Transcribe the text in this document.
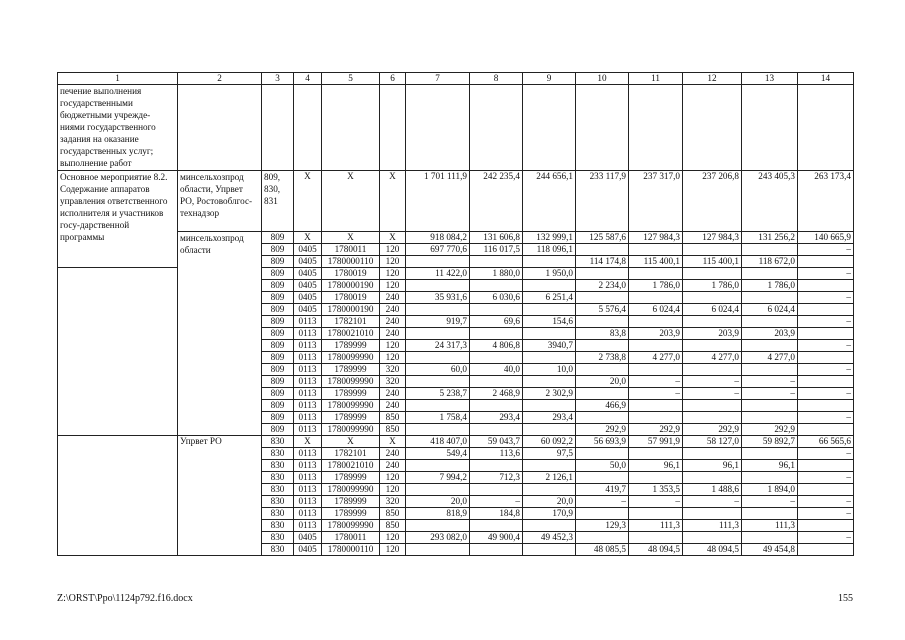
1	2	3	4	5	6	7	8	9	10	11	12	13	14
печение выполнения государственными бюджетными учрежде-ниями государственного задания на оказание государственных услуг; выполнение работ													
Основное мероприятие 8.2. Содержание аппаратов управления ответственного исполнителя и участников госу-дарственной программы	минсельхозпрод области, Упрвет РО, Ростовоблгос-технадзор	809, 830, 831	X	X	X	1 701 111,9	242 235,4	244 656,1	233 117,9	237 317,0	237 206,8	243 405,3	263 173,4
	минсельхозпрод области	809	X	X	X	918 084,2	131 606,8	132 999,1	125 587,6	127 984,3	127 984,3	131 256,2	140 665,9
		809	0405	1780011	120	697 770,6	116 017,5	118 096,1					–
		809	0405	1780000110	120				114 174,8	115 400,1	115 400,1	118 672,0	
		809	0405	1780019	120	11 422,0	1 880,0	1 950,0					–
		809	0405	1780000190	120				2 234,0	1 786,0	1 786,0	1 786,0	
		809	0405	1780019	240	35 931,6	6 030,6	6 251,4					–
		809	0405	1780000190	240				5 576,4	6 024,4	6 024,4	6 024,4	
		809	0113	1782101	240	919,7	69,6	154,6					–
		809	0113	1780021010	240				83,8	203,9	203,9	203,9	
		809	0113	1789999	120	24 317,3	4 806,8	3940,7					–
		809	0113	1780099990	120				2 738,8	4 277,0	4 277,0	4 277,0	
		809	0113	1789999	320	60,0	40,0	10,0					–
		809	0113	1780099990	320				20,0	–	–	–	
		809	0113	1789999	240	5 238,7	2 468,9	2 302,9		–	–	–	–
		809	0113	1780099990	240				466,9				
		809	0113	1789999	850	1 758,4	293,4	293,4					–
		809	0113	1780099990	850				292,9	292,9	292,9	292,9	
	Упрвет РО	830	X	X	X	418 407,0	59 043,7	60 092,2	56 693,9	57 991,9	58 127,0	59 892,7	66 565,6
		830	0113	1782101	240	549,4	113,6	97,5					–
		830	0113	1780021010	240				50,0	96,1	96,1	96,1	
		830	0113	1789999	120	7 994,2	712,3	2 126,1					–
		830	0113	1780099990	120				419,7	1 353,5	1 488,6	1 894,0	
		830	0113	1789999	320	20,0	–	20,0	–	–	–	–	–
		830	0113	1789999	850	818,9	184,8	170,9					–
		830	0113	1780099990	850				129,3	111,3	111,3	111,3	
		830	0405	1780011	120	293 082,0	49 900,4	49 452,3					–
		830	0405	1780000110	120				48 085,5	48 094,5	48 094,5	49 454,8	
Z:\ORST\Ppo\1124p792.f16.docx	155
